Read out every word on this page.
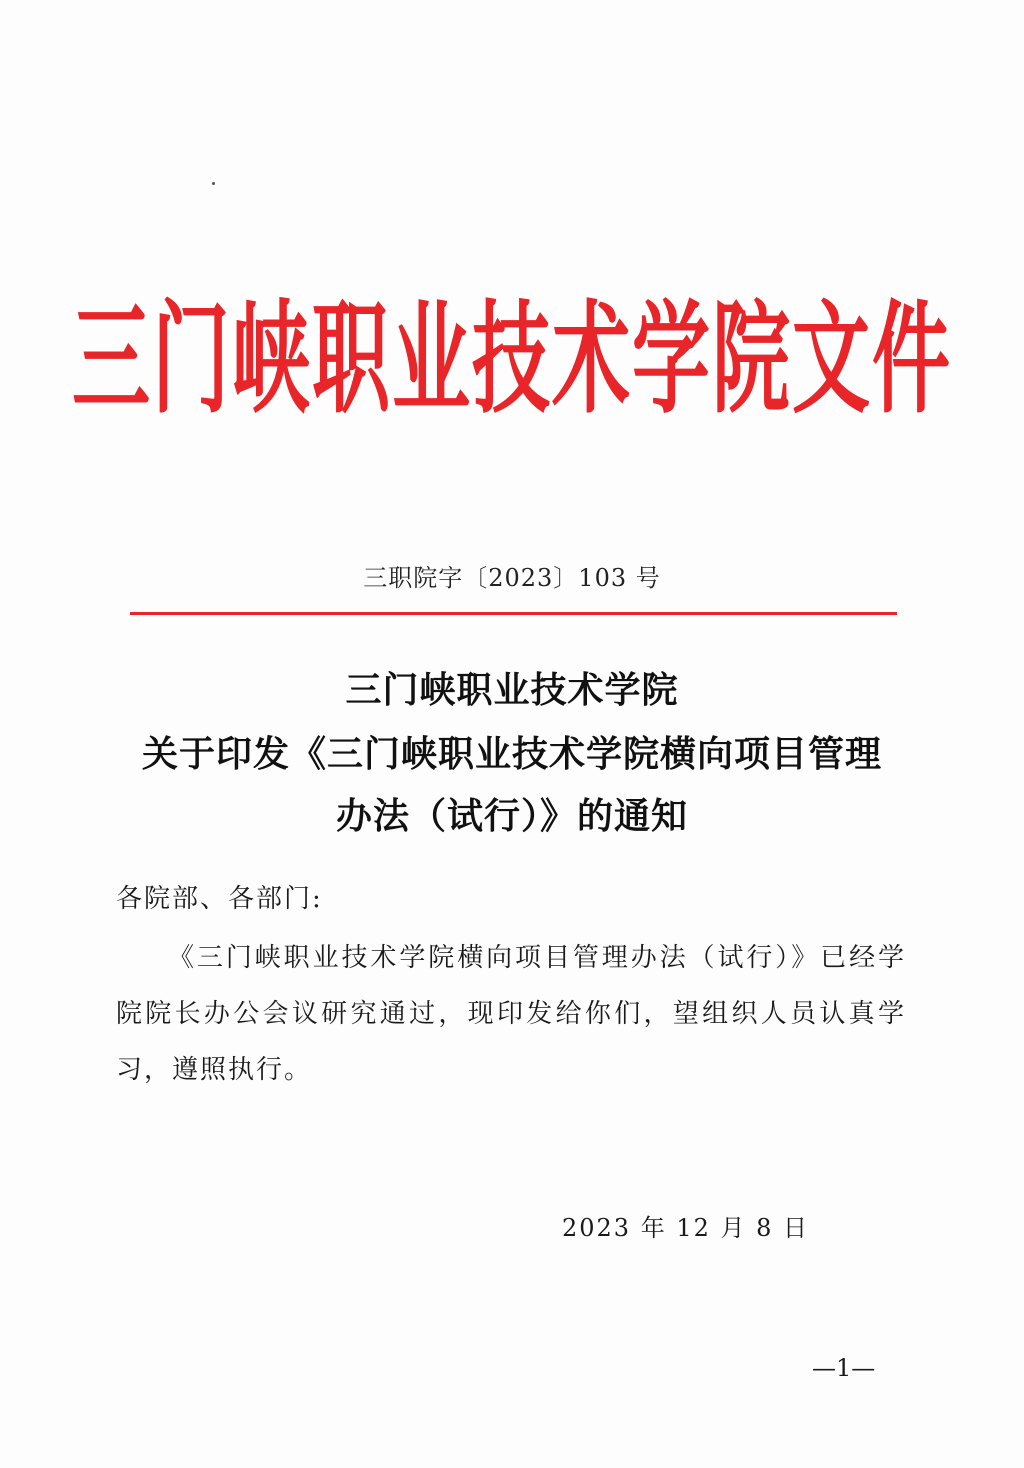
三门峡职业技术学院文件
三职院字〔2023〕103 号
三门峡职业技术学院
关于印发《三门峡职业技术学院横向项目管理
办法（试行）》的通知
各院部、各部门:
《三门峡职业技术学院横向项目管理办法（试行）》已经学院院长办公会议研究通过，现印发给你们，望组织人员认真学习，遵照执行。
2023 年 12 月 8 日
—1—
